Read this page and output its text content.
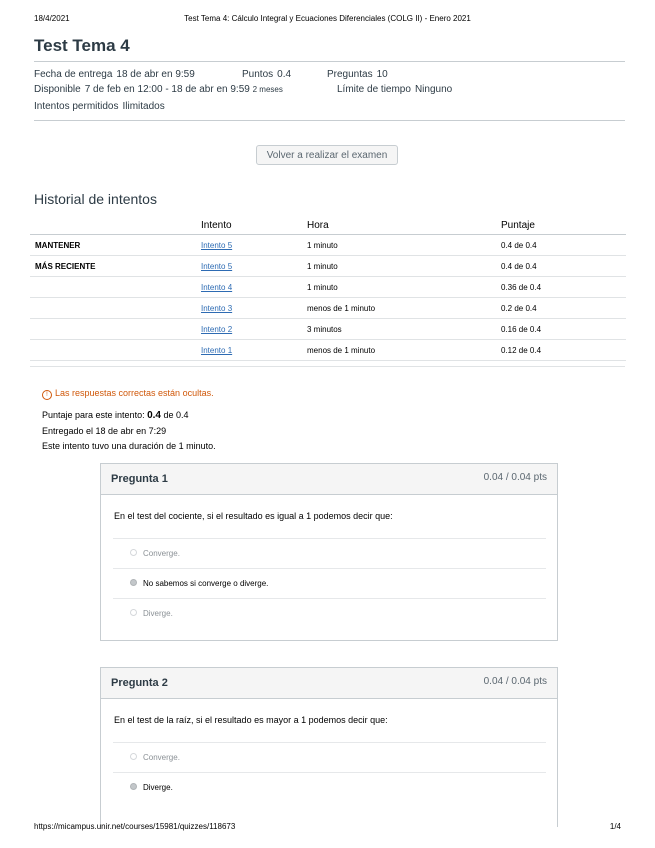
18/4/2021	Test Tema 4: Cálculo Integral y Ecuaciones Diferenciales (COLG II) - Enero 2021
Test Tema 4
Fecha de entrega 18 de abr en 9:59	Puntos 0.4	Preguntas 10
Disponible 7 de feb en 12:00 - 18 de abr en 9:59 2 meses	Límite de tiempo Ninguno
Intentos permitidos Ilimitados
Volver a realizar el examen
Historial de intentos
	Intento	Hora	Puntaje
MANTENER	Intento 5	1 minuto	0.4 de 0.4
MÁS RECIENTE	Intento 5	1 minuto	0.4 de 0.4
	Intento 4	1 minuto	0.36 de 0.4
	Intento 3	menos de 1 minuto	0.2 de 0.4
	Intento 2	3 minutos	0.16 de 0.4
	Intento 1	menos de 1 minuto	0.12 de 0.4
! Las respuestas correctas están ocultas.
Puntaje para este intento: 0.4 de 0.4
Entregado el 18 de abr en 7:29
Este intento tuvo una duración de 1 minuto.
Pregunta 1	0.04 / 0.04 pts
En el test del cociente, si el resultado es igual a 1 podemos decir que:
Converge.
No sabemos si converge o diverge.
Diverge.
Pregunta 2	0.04 / 0.04 pts
En el test de la raíz, si el resultado es mayor a 1 podemos decir que:
Converge.
Diverge.
https://micampus.unir.net/courses/15981/quizzes/118673	1/4
